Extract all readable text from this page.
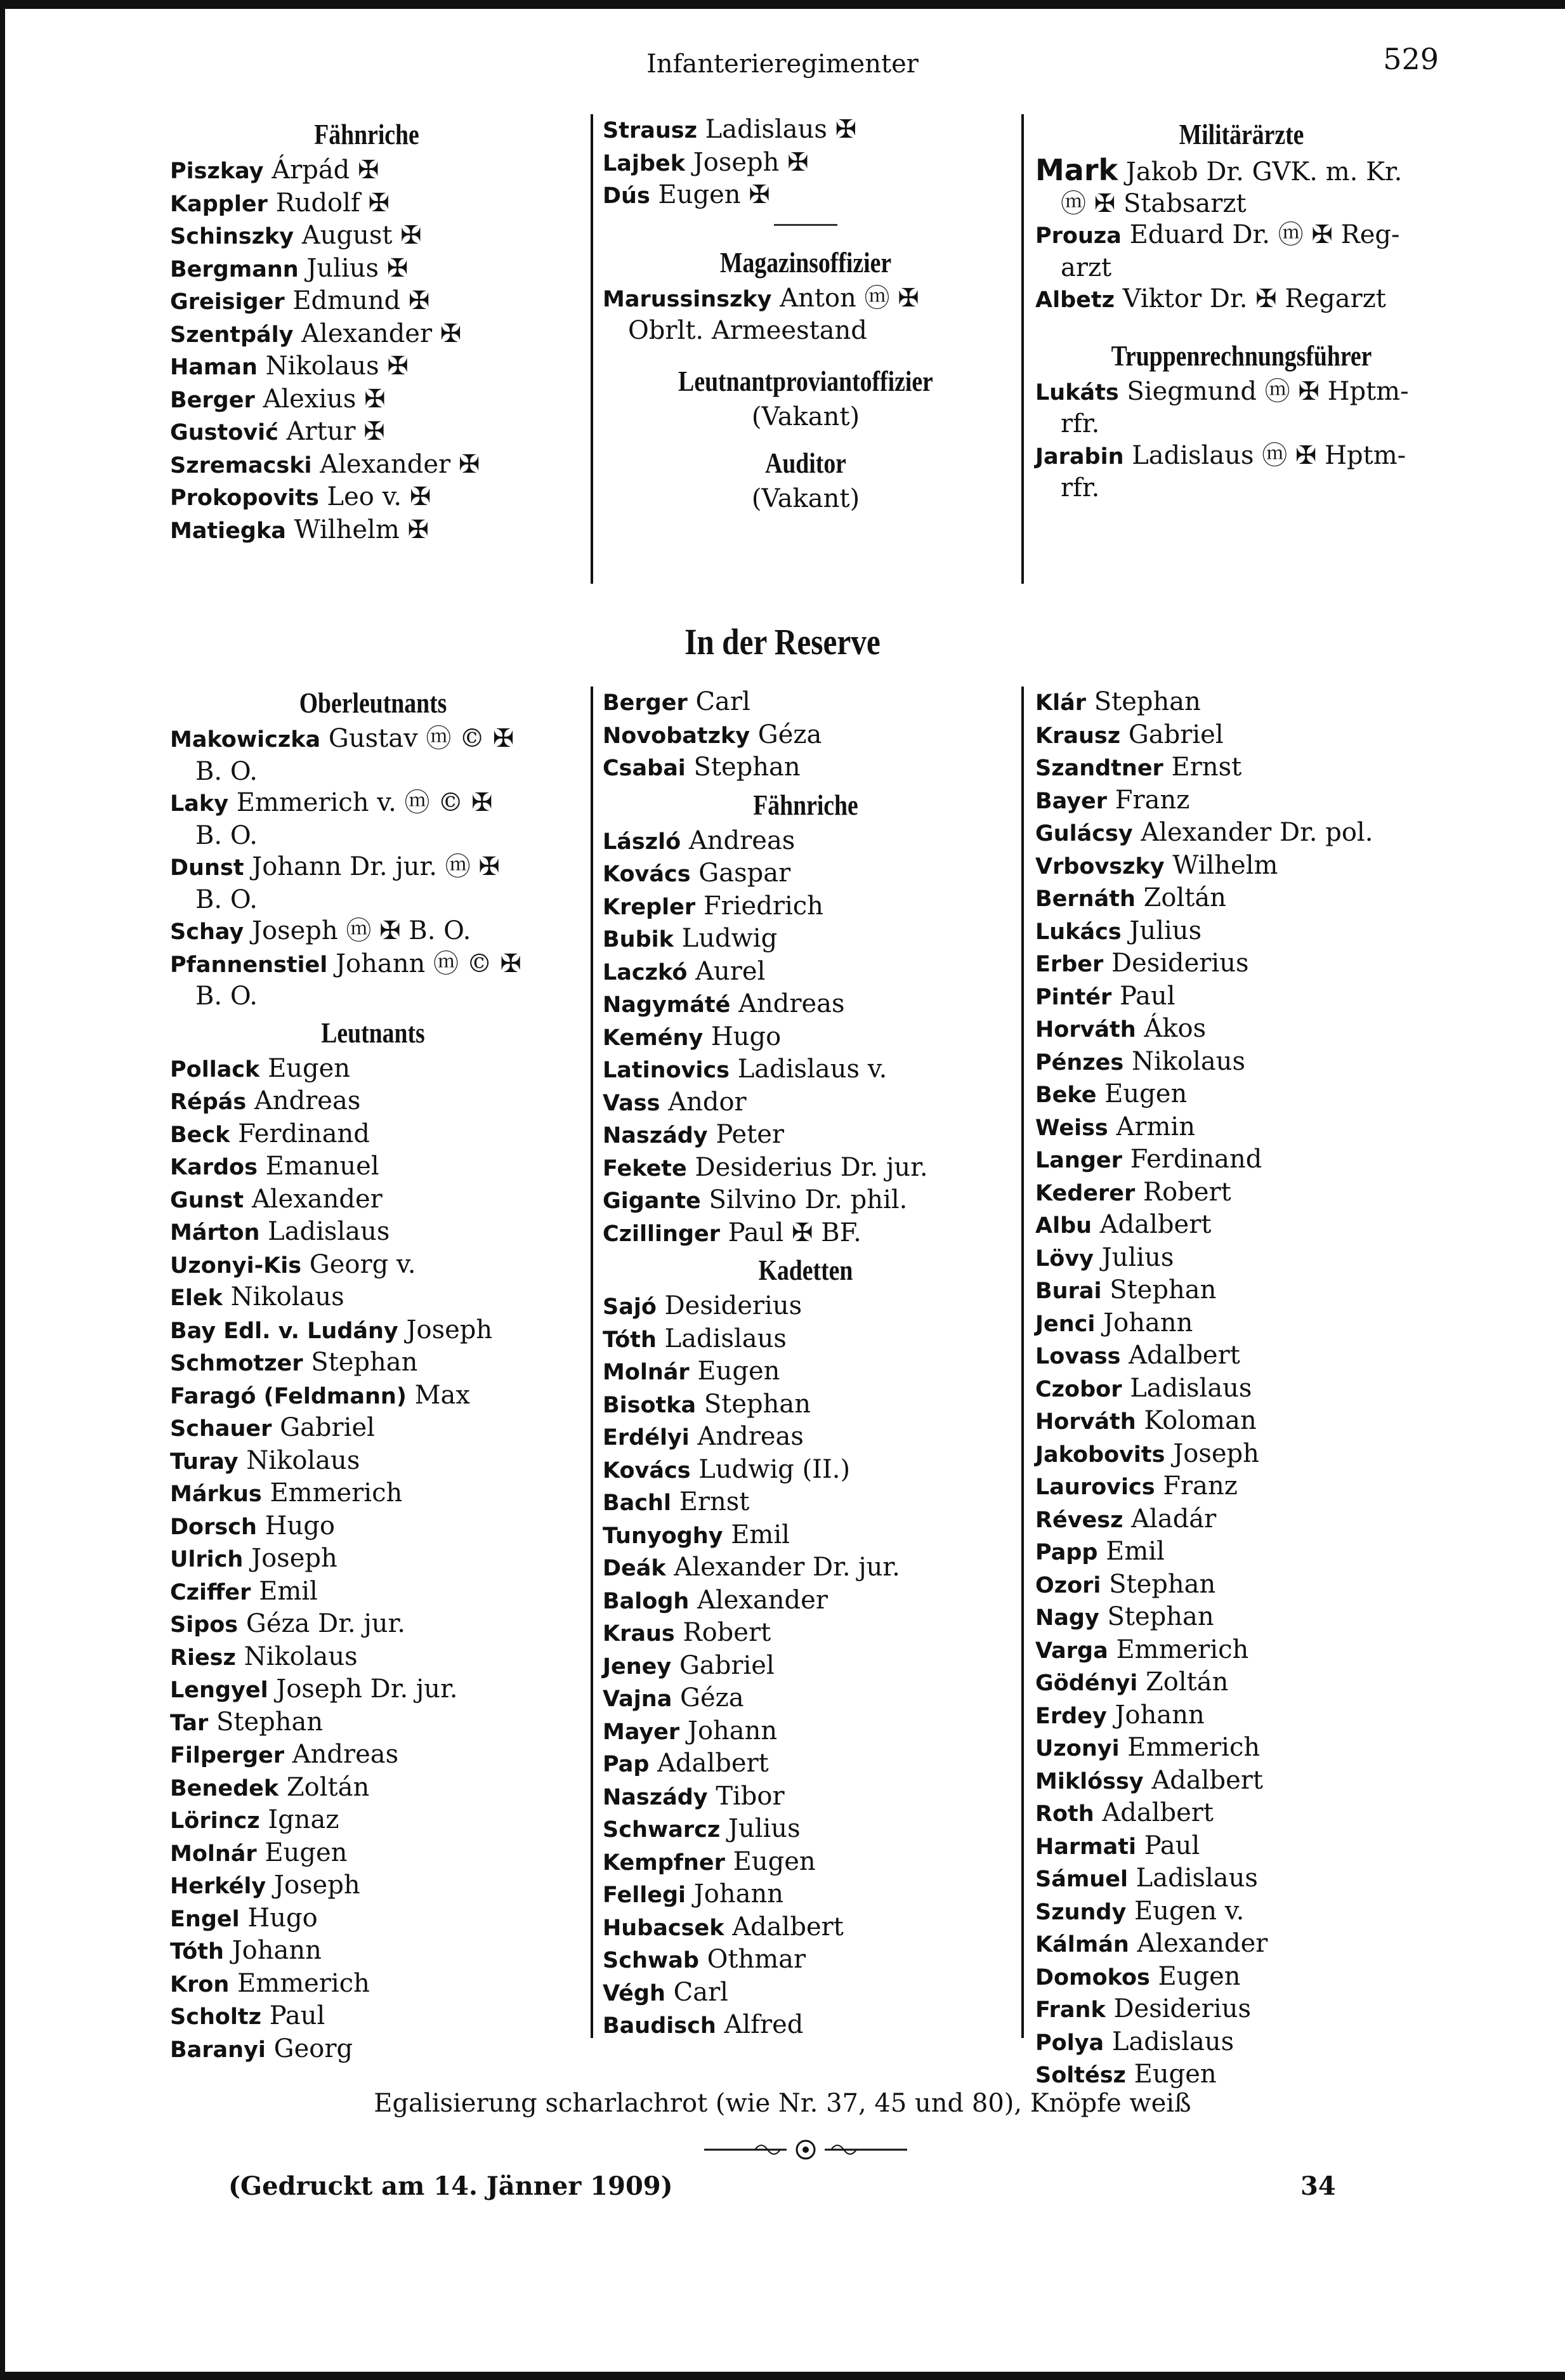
Infanterieregimenter	529
Fähnriche
Piszkay Árpád ✠
Kappler Rudolf ✠
Schinszky August ✠
Bergmann Julius ✠
Greisiger Edmund ✠
Szentpály Alexander ✠
Haman Nikolaus ✠
Berger Alexius ✠
Gustović Artur ✠
Szremacski Alexander ✠
Prokopovits Leo v. ✠
Matiegka Wilhelm ✠
Strausz Ladislaus ✠
Lajbek Joseph ✠
Dús Eugen ✠
Magazinsoffizier
Marussinszky Anton ⓜ ✠
Obrlt. Armeestand
Leutnantproviantoffizier
(Vakant)
Auditor
(Vakant)
Militärärzte
Mark Jakob Dr. GVK. m. Kr.
ⓜ ✠ Stabsarzt
Prouza Eduard Dr. ⓜ ✠ Reg-
arzt
Albetz Viktor Dr. ✠ Regarzt
Truppenrechnungsführer
Lukáts Siegmund ⓜ ✠ Hptm-
rfr.
Jarabin Ladislaus ⓜ ✠ Hptm-
rfr.
In der Reserve
Oberleutnants
Makowiczka Gustav ⓜ © ✠
B. O.
Laky Emmerich v. ⓜ © ✠
B. O.
Dunst Johann Dr. jur. ⓜ ✠
B. O.
Schay Joseph ⓜ ✠ B. O.
Pfannenstiel Johann ⓜ © ✠
B. O.
Leutnants
Pollack Eugen
Répás Andreas
Beck Ferdinand
Kardos Emanuel
Gunst Alexander
Márton Ladislaus
Uzonyi-Kis Georg v.
Elek Nikolaus
Bay Edl. v. Ludány Joseph
Schmotzer Stephan
Faragó (Feldmann) Max
Schauer Gabriel
Turay Nikolaus
Márkus Emmerich
Dorsch Hugo
Ulrich Joseph
Cziffer Emil
Sipos Géza Dr. jur.
Riesz Nikolaus
Lengyel Joseph Dr. jur.
Tar Stephan
Filperger Andreas
Benedek Zoltán
Lörincz Ignaz
Molnár Eugen
Herkély Joseph
Engel Hugo
Tóth Johann
Kron Emmerich
Scholtz Paul
Baranyi Georg
Berger Carl
Novobatzky Géza
Csabai Stephan
Fähnriche
László Andreas
Kovács Gaspar
Krepler Friedrich
Bubik Ludwig
Laczkó Aurel
Nagymáté Andreas
Kemény Hugo
Latinovics Ladislaus v.
Vass Andor
Naszády Peter
Fekete Desiderius Dr. jur.
Gigante Silvino Dr. phil.
Czillinger Paul ✠ BF.
Kadetten
Sajó Desiderius
Tóth Ladislaus
Molnár Eugen
Bisotka Stephan
Erdélyi Andreas
Kovács Ludwig (II.)
Bachl Ernst
Tunyoghy Emil
Deák Alexander Dr. jur.
Balogh Alexander
Kraus Robert
Jeney Gabriel
Vajna Géza
Mayer Johann
Pap Adalbert
Naszády Tibor
Schwarcz Julius
Kempfner Eugen
Fellegi Johann
Hubacsek Adalbert
Schwab Othmar
Végh Carl
Baudisch Alfred
Klár Stephan
Krausz Gabriel
Szandtner Ernst
Bayer Franz
Gulácsy Alexander Dr. pol.
Vrbovszky Wilhelm
Bernáth Zoltán
Lukács Julius
Erber Desiderius
Pintér Paul
Horváth Ákos
Pénzes Nikolaus
Beke Eugen
Weiss Armin
Langer Ferdinand
Kederer Robert
Albu Adalbert
Lövy Julius
Burai Stephan
Jenci Johann
Lovass Adalbert
Czobor Ladislaus
Horváth Koloman
Jakobovits Joseph
Laurovics Franz
Révesz Aladár
Papp Emil
Ozori Stephan
Nagy Stephan
Varga Emmerich
Gödényi Zoltán
Erdey Johann
Uzonyi Emmerich
Miklóssy Adalbert
Roth Adalbert
Harmati Paul
Sámuel Ladislaus
Szundy Eugen v.
Kálmán Alexander
Domokos Eugen
Frank Desiderius
Polya Ladislaus
Soltész Eugen
Egalisierung scharlachrot (wie Nr. 37, 45 und 80), Knöpfe weiß
(Gedruckt am 14. Jänner 1909)	34
